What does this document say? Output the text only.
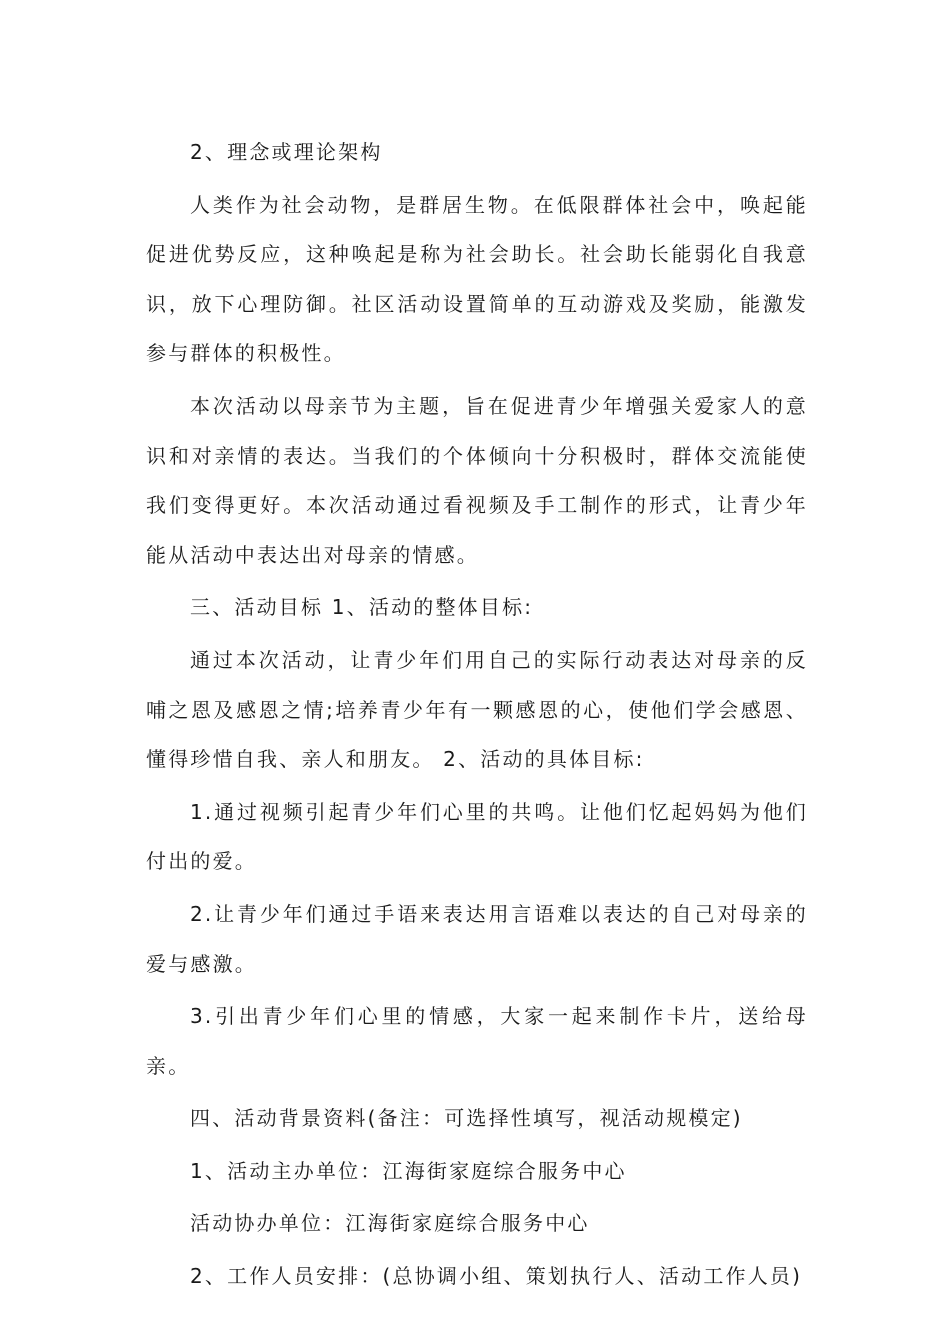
2、理念或理论架构

人类作为社会动物，是群居生物。在低限群体社会中，唤起能促进优势反应，这种唤起是称为社会助长。社会助长能弱化自我意识，放下心理防御。社区活动设置简单的互动游戏及奖励，能激发参与群体的积极性。

本次活动以母亲节为主题，旨在促进青少年增强关爱家人的意识和对亲情的表达。当我们的个体倾向十分积极时，群体交流能使我们变得更好。本次活动通过看视频及手工制作的形式，让青少年能从活动中表达出对母亲的情感。

三、活动目标 1、活动的整体目标:

通过本次活动，让青少年们用自己的实际行动表达对母亲的反哺之恩及感恩之情;培养青少年有一颗感恩的心，使他们学会感恩、懂得珍惜自我、亲人和朋友。 2、活动的具体目标:

1.通过视频引起青少年们心里的共鸣。让他们忆起妈妈为他们付出的爱。

2.让青少年们通过手语来表达用言语难以表达的自己对母亲的爱与感激。

3.引出青少年们心里的情感，大家一起来制作卡片，送给母亲。

四、活动背景资料(备注：可选择性填写，视活动规模定)

1、活动主办单位：江海街家庭综合服务中心

活动协办单位：江海街家庭综合服务中心

2、工作人员安排：(总协调小组、策划执行人、活动工作人员)
